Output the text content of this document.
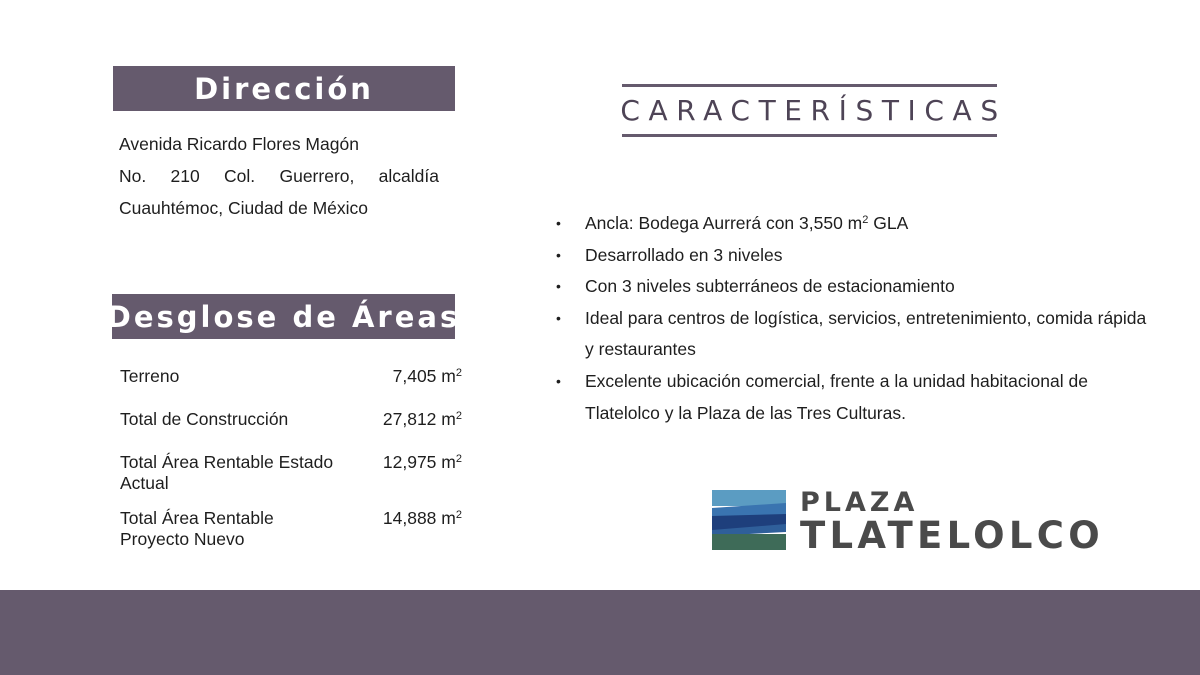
Dirección
Avenida Ricardo Flores Magón
No. 210 Col. Guerrero, alcaldía
Cuauhtémoc, Ciudad de México
Desglose de Áreas
Terreno	7,405 $m^2$
Total de Construcción	27,812 $m^2$
Total Área Rentable Estado Actual
12,975 $m^2$
Total Área Rentable Proyecto Nuevo
14,888 $m^2$
CARACTERÍSTICAS
• Ancla: Bodega Aurrerá con 3,550 $m^2$ GLA
• Desarrollado en 3 niveles
• Con 3 niveles subterráneos de estacionamiento
• Ideal para centros de logística, servicios, entretenimiento, comida rápida y restaurantes
• Excelente ubicación comercial, frente a la unidad habitacional de Tlatelolco y la Plaza de las Tres Culturas.
PLAZA
TLATELOLCO
